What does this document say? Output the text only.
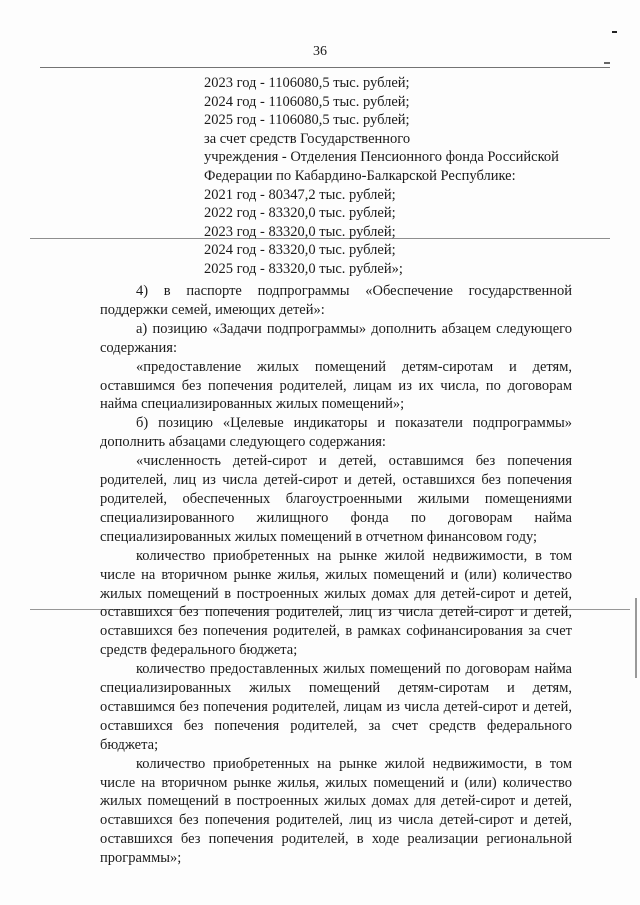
36
2023 год - 1106080,5 тыс. рублей;
2024 год - 1106080,5 тыс. рублей;
2025 год - 1106080,5 тыс. рублей;
за счет средств Государственного
учреждения - Отделения Пенсионного фонда Российской
Федерации по Кабардино-Балкарской Республике:
2021 год - 80347,2 тыс. рублей;
2022 год - 83320,0 тыс. рублей;
2023 год - 83320,0 тыс. рублей;
2024 год - 83320,0 тыс. рублей;
2025 год - 83320,0 тыс. рублей»;

4) в паспорте подпрограммы «Обеспечение государственной поддержки семей, имеющих детей»:

а) позицию «Задачи подпрограммы» дополнить абзацем следующего содержания:

«предоставление жилых помещений детям-сиротам и детям, оставшимся без попечения родителей, лицам из их числа, по договорам найма специализированных жилых помещений»;

б) позицию «Целевые индикаторы и показатели подпрограммы» дополнить абзацами следующего содержания:

«численность детей-сирот и детей, оставшимся без попечения родителей, лиц из числа детей-сирот и детей, оставшихся без попечения родителей, обеспеченных благоустроенными жилыми помещениями специализированного жилищного фонда по договорам найма специализированных жилых помещений в отчетном финансовом году;

количество приобретенных на рынке жилой недвижимости, в том числе на вторичном рынке жилья, жилых помещений и (или) количество жилых помещений в построенных жилых домах для детей-сирот и детей, оставшихся без попечения родителей, лиц из числа детей-сирот и детей, оставшихся без попечения родителей, в рамках софинансирования за счет средств федерального бюджета;

количество предоставленных жилых помещений по договорам найма специализированных жилых помещений детям-сиротам и детям, оставшимся без попечения родителей, лицам из числа детей-сирот и детей, оставшихся без попечения родителей, за счет средств федерального бюджета;

количество приобретенных на рынке жилой недвижимости, в том числе на вторичном рынке жилья, жилых помещений и (или) количество жилых помещений в построенных жилых домах для детей-сирот и детей, оставшихся без попечения родителей, лиц из числа детей-сирот и детей, оставшихся без попечения родителей, в ходе реализации региональной программы»;
